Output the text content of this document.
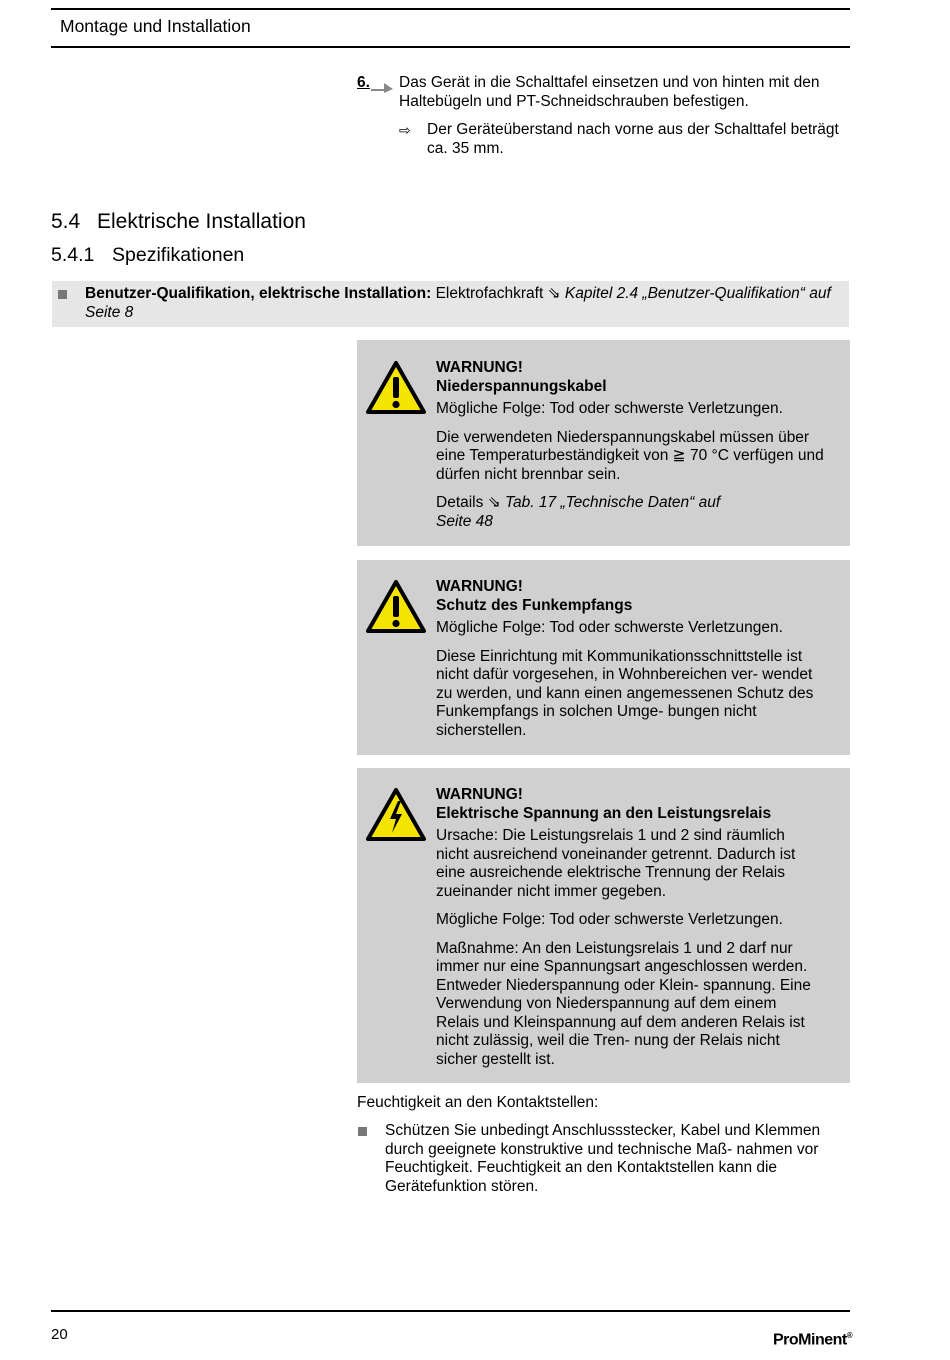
Montage und Installation
6. Das Gerät in die Schalttafel einsetzen und von hinten mit den Haltebügeln und PT-Schneidschrauben befestigen.
⇨ Der Geräteüberstand nach vorne aus der Schalttafel beträgt ca. 35 mm.
5.4 Elektrische Installation
5.4.1 Spezifikationen
Benutzer-Qualifikation, elektrische Installation: Elektrofachkraft ⇘ Kapitel 2.4 „Benutzer-Qualifikation“ auf Seite 8
WARNUNG!
Niederspannungskabel

Mögliche Folge: Tod oder schwerste Verletzungen.

Die verwendeten Niederspannungskabel müssen über eine Temperaturbeständigkeit von ≧ 70 °C verfügen und dürfen nicht brennbar sein.

Details ⇘ Tab. 17 „Technische Daten“ auf Seite 48

WARNUNG!
Schutz des Funkempfangs

Mögliche Folge: Tod oder schwerste Verletzungen.

Diese Einrichtung mit Kommunikationsschnittstelle ist nicht dafür vorgesehen, in Wohnbereichen ver- wendet zu werden, und kann einen angemessenen Schutz des Funkempfangs in solchen Umge- bungen nicht sicherstellen.

WARNUNG!
Elektrische Spannung an den Leistungsrelais

Ursache: Die Leistungsrelais 1 und 2 sind räumlich nicht ausreichend voneinander getrennt. Dadurch ist eine ausreichende elektrische Trennung der Relais zueinander nicht immer gegeben.

Mögliche Folge: Tod oder schwerste Verletzungen.

Maßnahme: An den Leistungsrelais 1 und 2 darf nur immer nur eine Spannungsart angeschlossen werden. Entweder Niederspannung oder Klein- spannung. Eine Verwendung von Niederspannung auf dem einem Relais und Kleinspannung auf dem anderen Relais ist nicht zulässig, weil die Tren- nung der Relais nicht sicher gestellt ist.

Feuchtigkeit an den Kontaktstellen:
Schützen Sie unbedingt Anschlussstecker, Kabel und Klemmen durch geeignete konstruktive und technische Maß- nahmen vor Feuchtigkeit. Feuchtigkeit an den Kontaktstellen kann die Gerätefunktion stören.
20	ProMinent®
